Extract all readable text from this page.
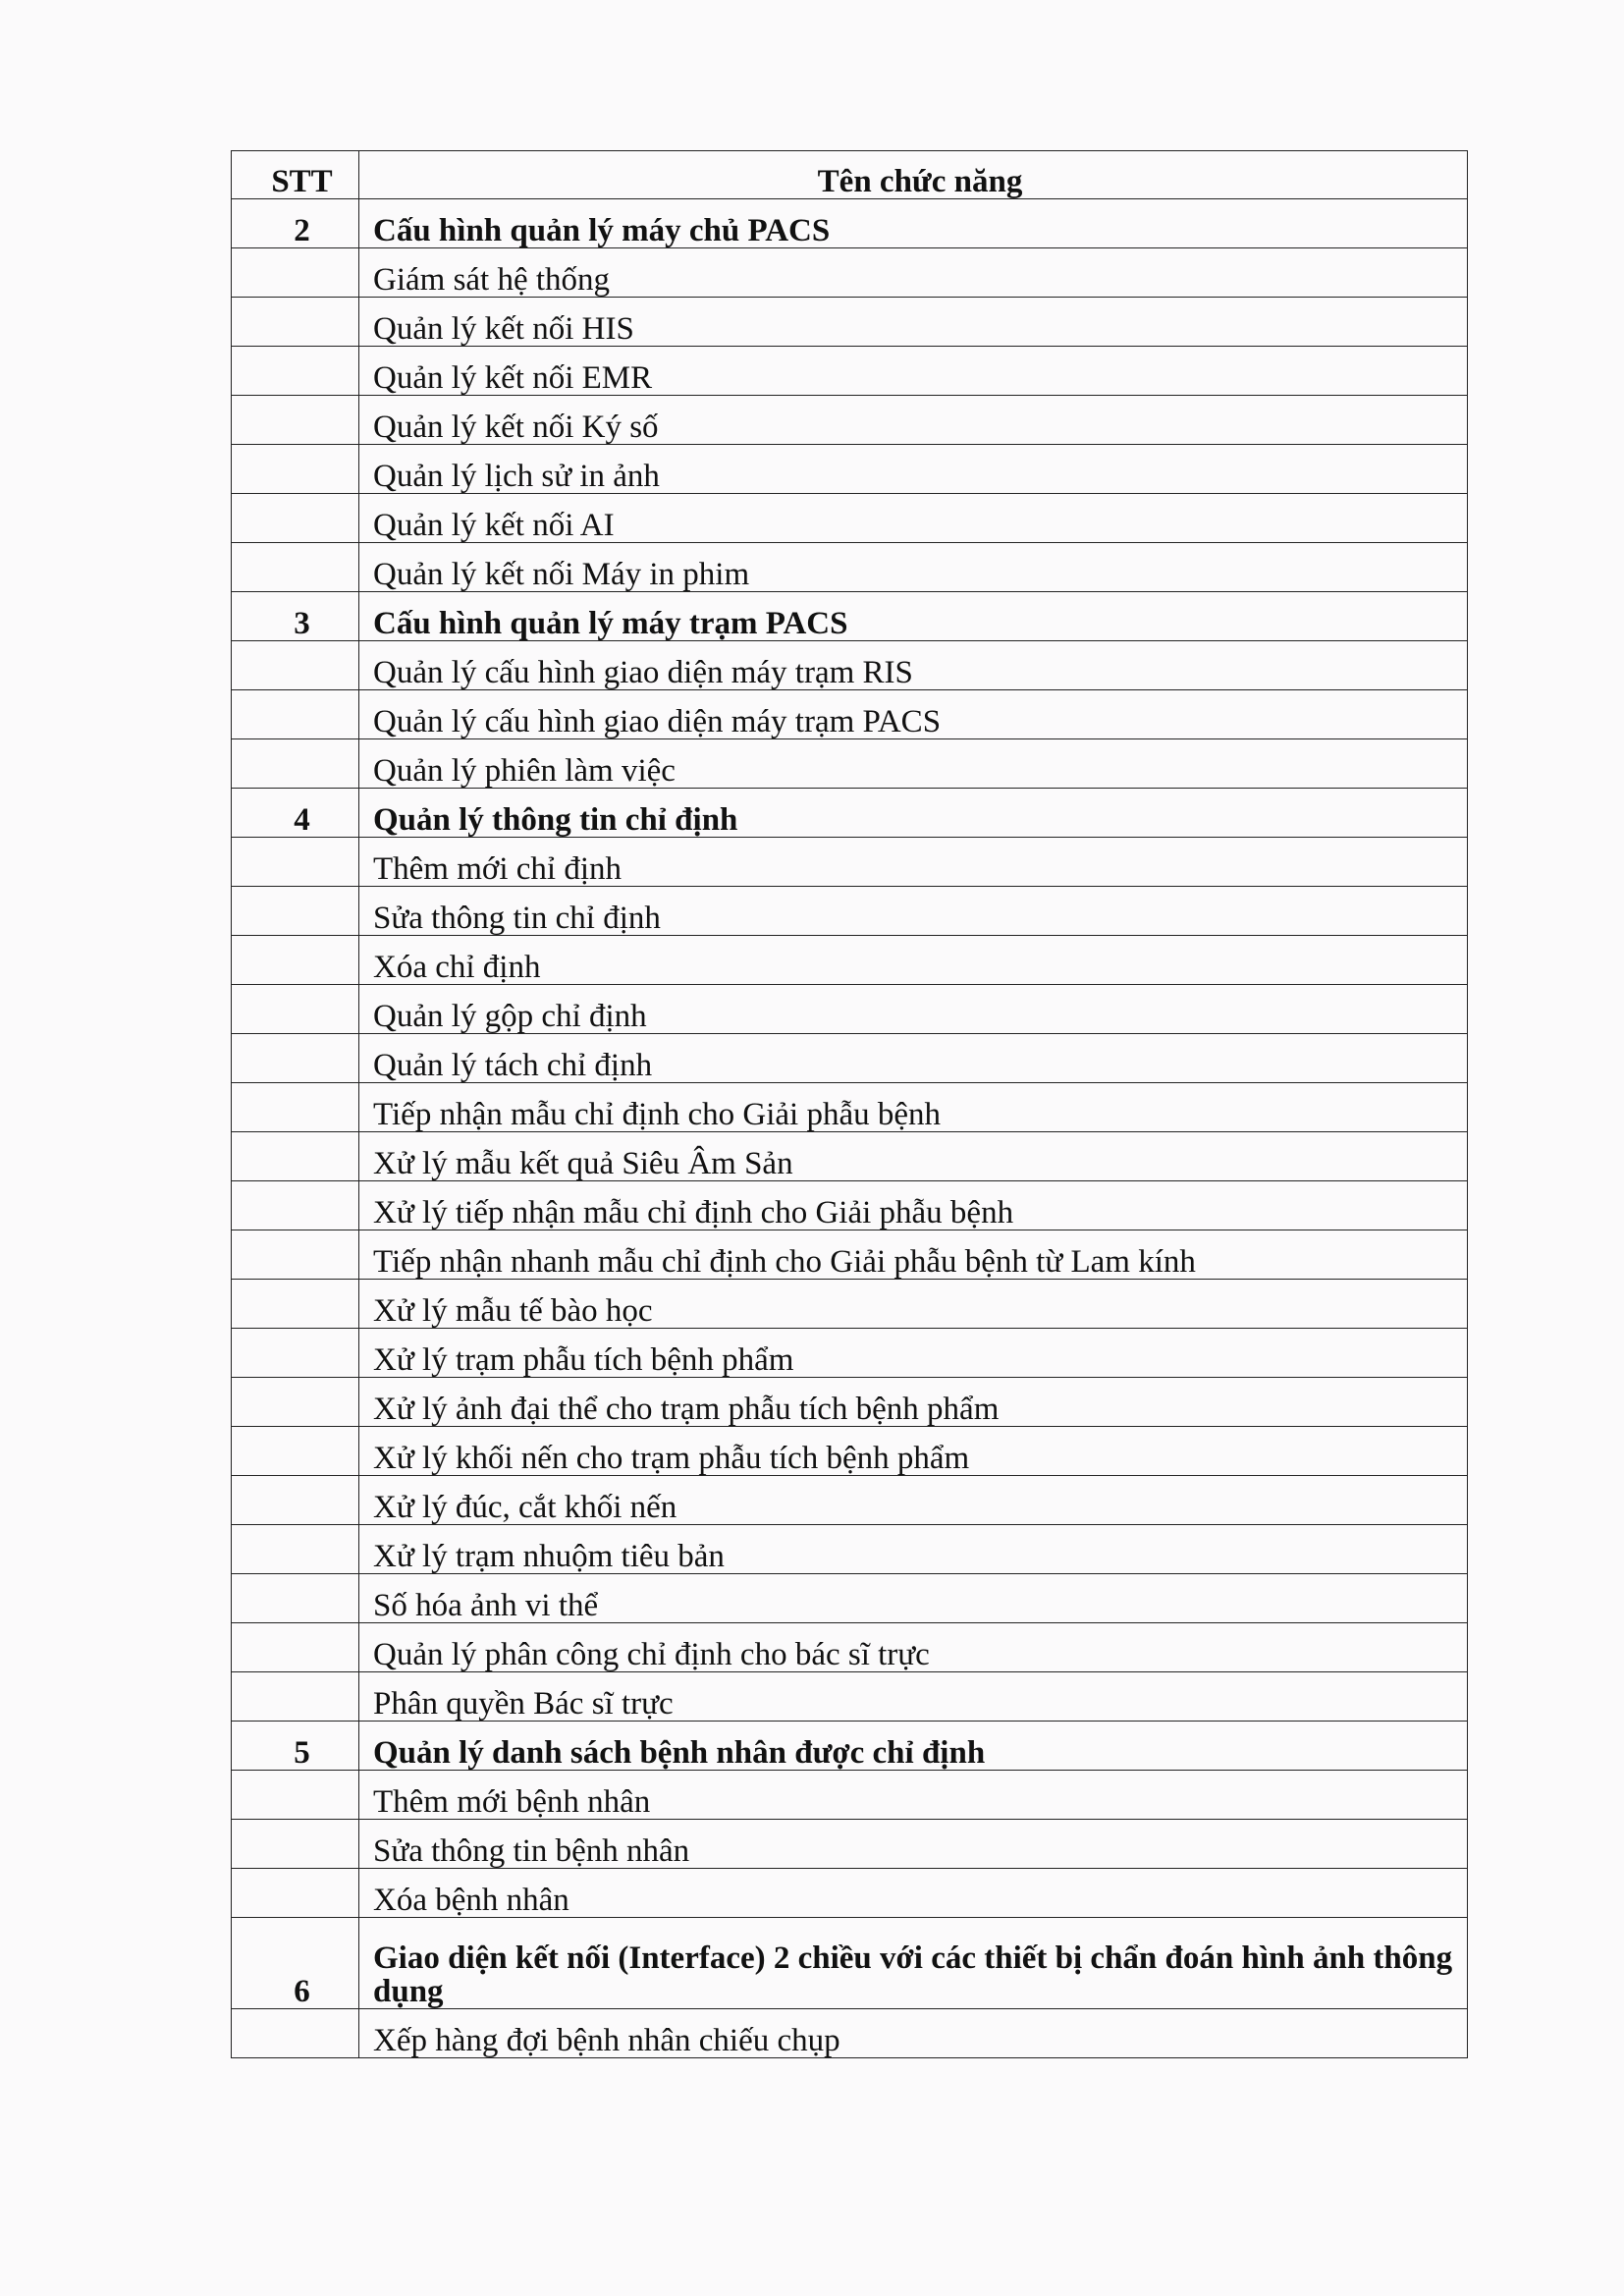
STT	Tên chức năng
2	Cấu hình quản lý máy chủ PACS
	Giám sát hệ thống
	Quản lý kết nối HIS
	Quản lý kết nối EMR
	Quản lý kết nối Ký số
	Quản lý lịch sử in ảnh
	Quản lý kết nối AI
	Quản lý kết nối Máy in phim
3	Cấu hình quản lý máy trạm PACS
	Quản lý cấu hình giao diện máy trạm RIS
	Quản lý cấu hình giao diện máy trạm PACS
	Quản lý phiên làm việc
4	Quản lý thông tin chỉ định
	Thêm mới chỉ định
	Sửa thông tin chỉ định
	Xóa chỉ định
	Quản lý gộp chỉ định
	Quản lý tách chỉ định
	Tiếp nhận mẫu chỉ định cho Giải phẫu bệnh
	Xử lý mẫu kết quả Siêu Âm Sản
	Xử lý tiếp nhận mẫu chỉ định cho Giải phẫu bệnh
	Tiếp nhận nhanh mẫu chỉ định cho Giải phẫu bệnh từ Lam kính
	Xử lý mẫu tế bào học
	Xử lý trạm phẫu tích bệnh phẩm
	Xử lý ảnh đại thể cho trạm phẫu tích bệnh phẩm
	Xử lý khối nến cho trạm phẫu tích bệnh phẩm
	Xử lý đúc, cắt khối nến
	Xử lý trạm nhuộm tiêu bản
	Số hóa ảnh vi thể
	Quản lý phân công chỉ định cho bác sĩ trực
	Phân quyền Bác sĩ trực
5	Quản lý danh sách bệnh nhân được chỉ định
	Thêm mới bệnh nhân
	Sửa thông tin bệnh nhân
	Xóa bệnh nhân
6	Giao diện kết nối (Interface) 2 chiều với các thiết bị chẩn đoán hình ảnh thông dụng
	Xếp hàng đợi bệnh nhân chiếu chụp
